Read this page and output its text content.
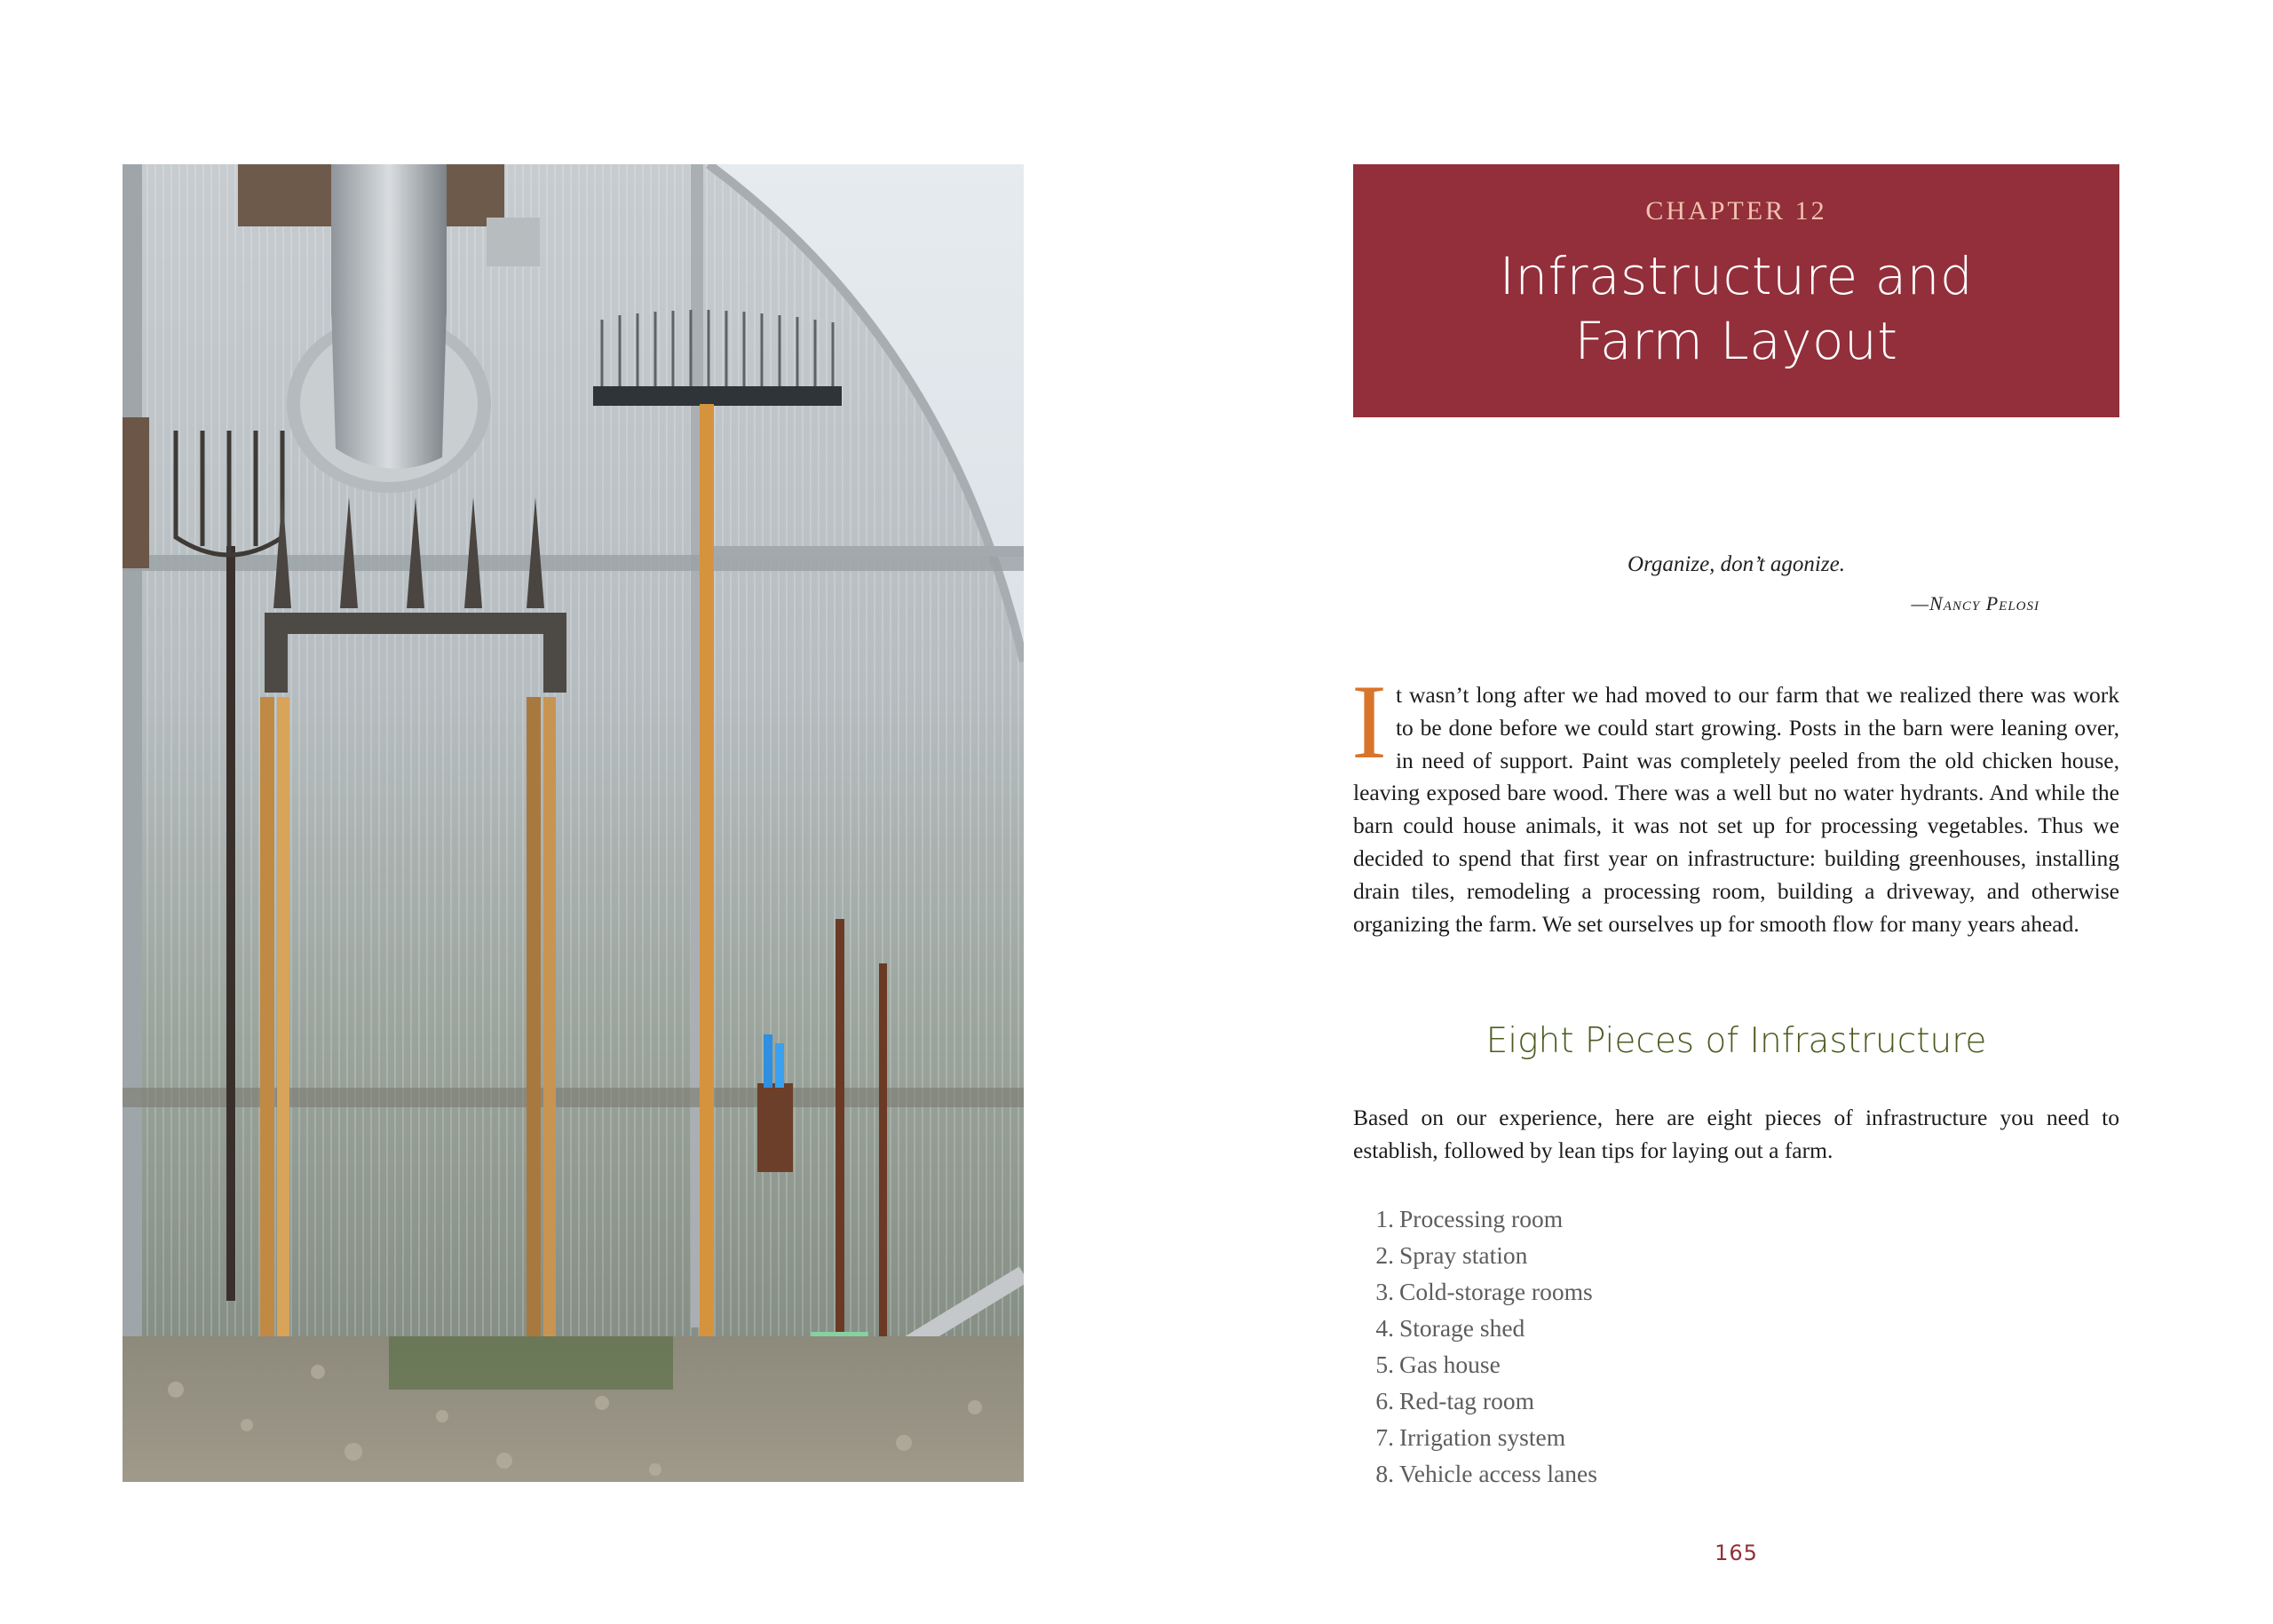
CHAPTER 12
Infrastructure and
Farm Layout
Organize, don’t agonize.
—Nancy Pelosi
It wasn’t long after we had moved to our farm that we realized there was work to be done before we could start growing. Posts in the barn were leaning over, in need of support. Paint was completely peeled from the old chicken house, leaving exposed bare wood. There was a well but no water hydrants. And while the barn could house animals, it was not set up for processing vegetables. Thus we decided to spend that first year on infrastructure: building greenhouses, installing drain tiles, remodeling a processing room, building a driveway, and otherwise organizing the farm. We set ourselves up for smooth flow for many years ahead.
Eight Pieces of Infrastructure
Based on our experience, here are eight pieces of infrastructure you need to establish, followed by lean tips for laying out a farm.
1. Processing room
2. Spray station
3. Cold-storage rooms
4. Storage shed
5. Gas house
6. Red-tag room
7. Irrigation system
8. Vehicle access lanes
165
